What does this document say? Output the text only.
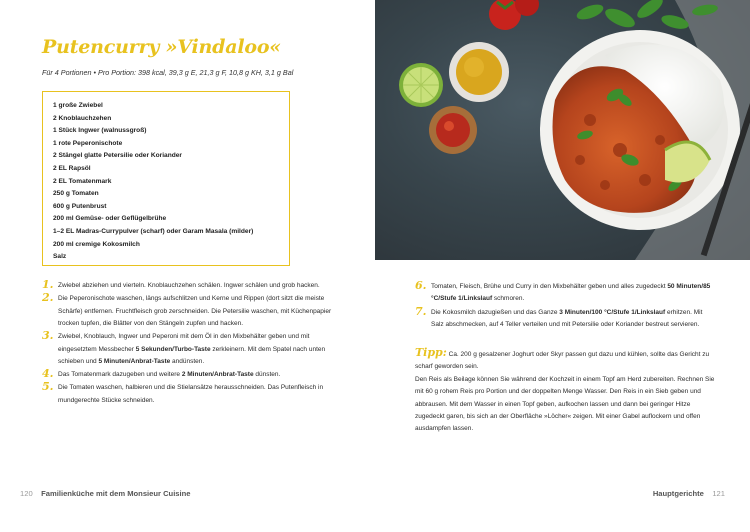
Putencurry »Vindaloo«

Für 4 Portionen • Pro Portion: 398 kcal, 39,3 g E, 21,3 g F, 10,8 g KH, 3,1 g Bal

1 große Zwiebel
2 Knoblauchzehen
1 Stück Ingwer (walnussgroß)
1 rote Peperonischote
2 Stängel glatte Petersilie oder Koriander
2 EL Rapsöl
2 EL Tomatenmark
250 g Tomaten
600 g Putenbrust
200 ml Gemüse- oder Geflügelbrühe
1–2 EL Madras-Currypulver (scharf) oder Garam Masala (milder)
200 ml cremige Kokosmilch
Salz
1. Zwiebel abziehen und vierteln. Knoblauchzehen schälen. Ingwer schälen und grob hacken.
2. Die Peperonischote waschen, längs aufschlitzen und Kerne und Rippen (dort sitzt die meiste Schärfe) entfernen. Fruchtfleisch grob zerschneiden. Die Petersilie waschen, mit Küchenpapier trocken tupfen, die Blätter von den Stängeln zupfen und hacken.
3. Zwiebel, Knoblauch, Ingwer und Peperoni mit dem Öl in den Mixbehälter geben und mit eingesetztem Messbecher 5 Sekunden/Turbo-Taste zerkleinern. Mit dem Spatel nach unten schieben und 5 Minuten/Anbrat-Taste andünsten.
4. Das Tomatenmark dazugeben und weitere 2 Minuten/Anbrat-Taste dünsten.
5. Die Tomaten waschen, halbieren und die Stielansätze herausschneiden. Das Putenfleisch in mundgerechte Stücke schneiden.
120 Familienküche mit dem Monsieur Cuisine
6. Tomaten, Fleisch, Brühe und Curry in den Mixbehälter geben und alles zugedeckt 50 Minuten/85 °C/Stufe 1/Linkslauf schmoren.
7. Die Kokosmilch dazugießen und das Ganze 3 Minuten/100 °C/Stufe 1/Linkslauf erhitzen. Mit Salz abschmecken, auf 4 Teller verteilen und mit Petersilie oder Koriander bestreut servieren.
Tipp: Ca. 200 g gesalzener Joghurt oder Skyr passen gut dazu und kühlen, sollte das Gericht zu scharf geworden sein.
Den Reis als Beilage können Sie während der Kochzeit in einem Topf am Herd zubereiten. Rechnen Sie mit 60 g rohem Reis pro Portion und der doppelten Menge Wasser. Den Reis in ein Sieb geben und abbrausen. Mit dem Wasser in einen Topf geben, aufkochen lassen und dann bei geringer Hitze zugedeckt garen, bis sich an der Oberfläche »Löcher« zeigen. Mit einer Gabel auflockern und offen ausdampfen lassen.
Hauptgerichte 121
